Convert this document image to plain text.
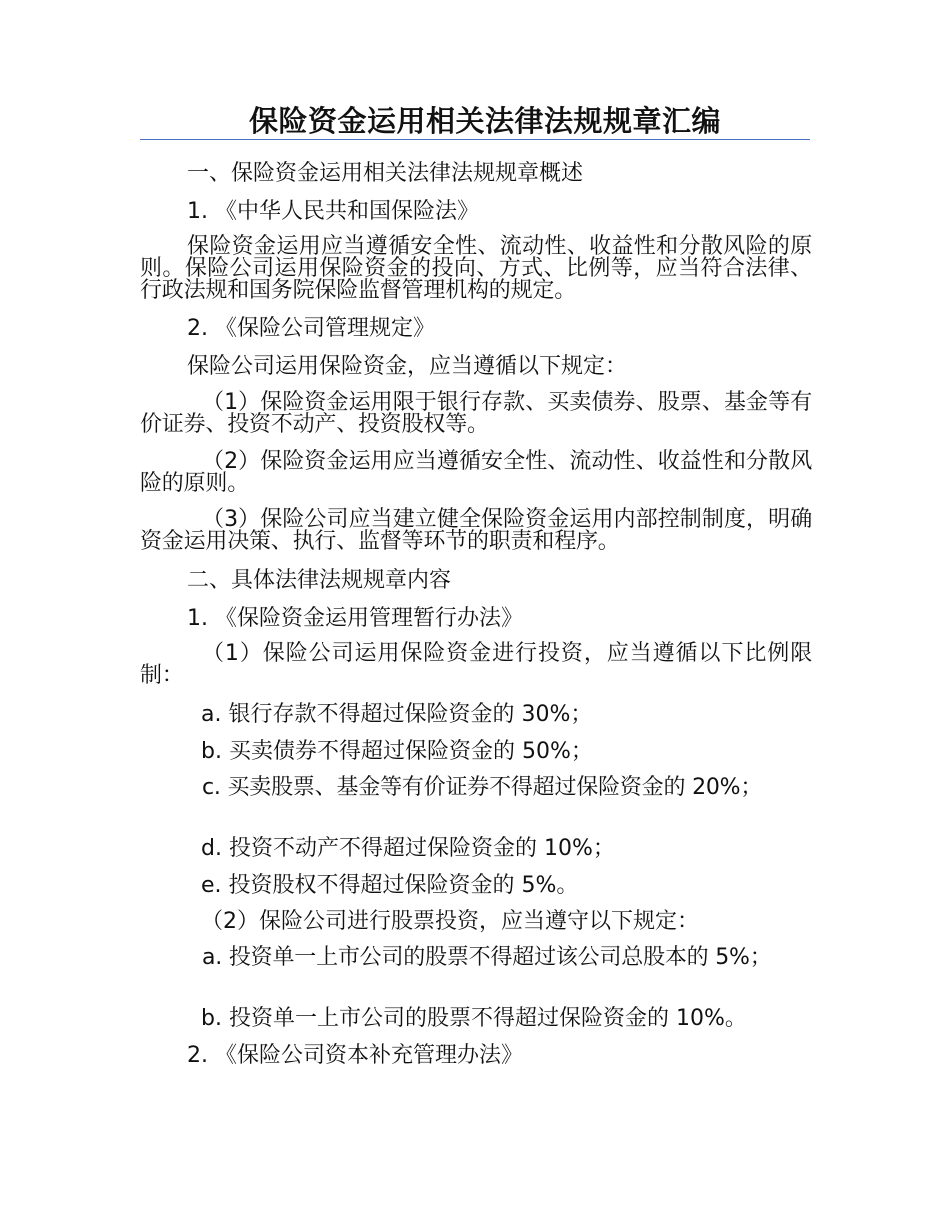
保险资金运用相关法律法规规章汇编
一、保险资金运用相关法律法规规章概述
1. 《中华人民共和国保险法》
保险资金运用应当遵循安全性、流动性、收益性和分散风险的原则。保险公司运用保险资金的投向、方式、比例等，应当符合法律、行政法规和国务院保险监督管理机构的规定。
2. 《保险公司管理规定》
保险公司运用保险资金，应当遵循以下规定：
（1）保险资金运用限于银行存款、买卖债券、股票、基金等有价证券、投资不动产、投资股权等。
（2）保险资金运用应当遵循安全性、流动性、收益性和分散风险的原则。
（3）保险公司应当建立健全保险资金运用内部控制制度，明确资金运用决策、执行、监督等环节的职责和程序。
二、具体法律法规规章内容
1. 《保险资金运用管理暂行办法》
（1）保险公司运用保险资金进行投资，应当遵循以下比例限制：
a. 银行存款不得超过保险资金的 30%；
b. 买卖债券不得超过保险资金的 50%；
c. 买卖股票、基金等有价证券不得超过保险资金的 20%；
d. 投资不动产不得超过保险资金的 10%；
e. 投资股权不得超过保险资金的 5%。
（2）保险公司进行股票投资，应当遵守以下规定：
a. 投资单一上市公司的股票不得超过该公司总股本的 5%；
b. 投资单一上市公司的股票不得超过保险资金的 10%。
2. 《保险公司资本补充管理办法》
